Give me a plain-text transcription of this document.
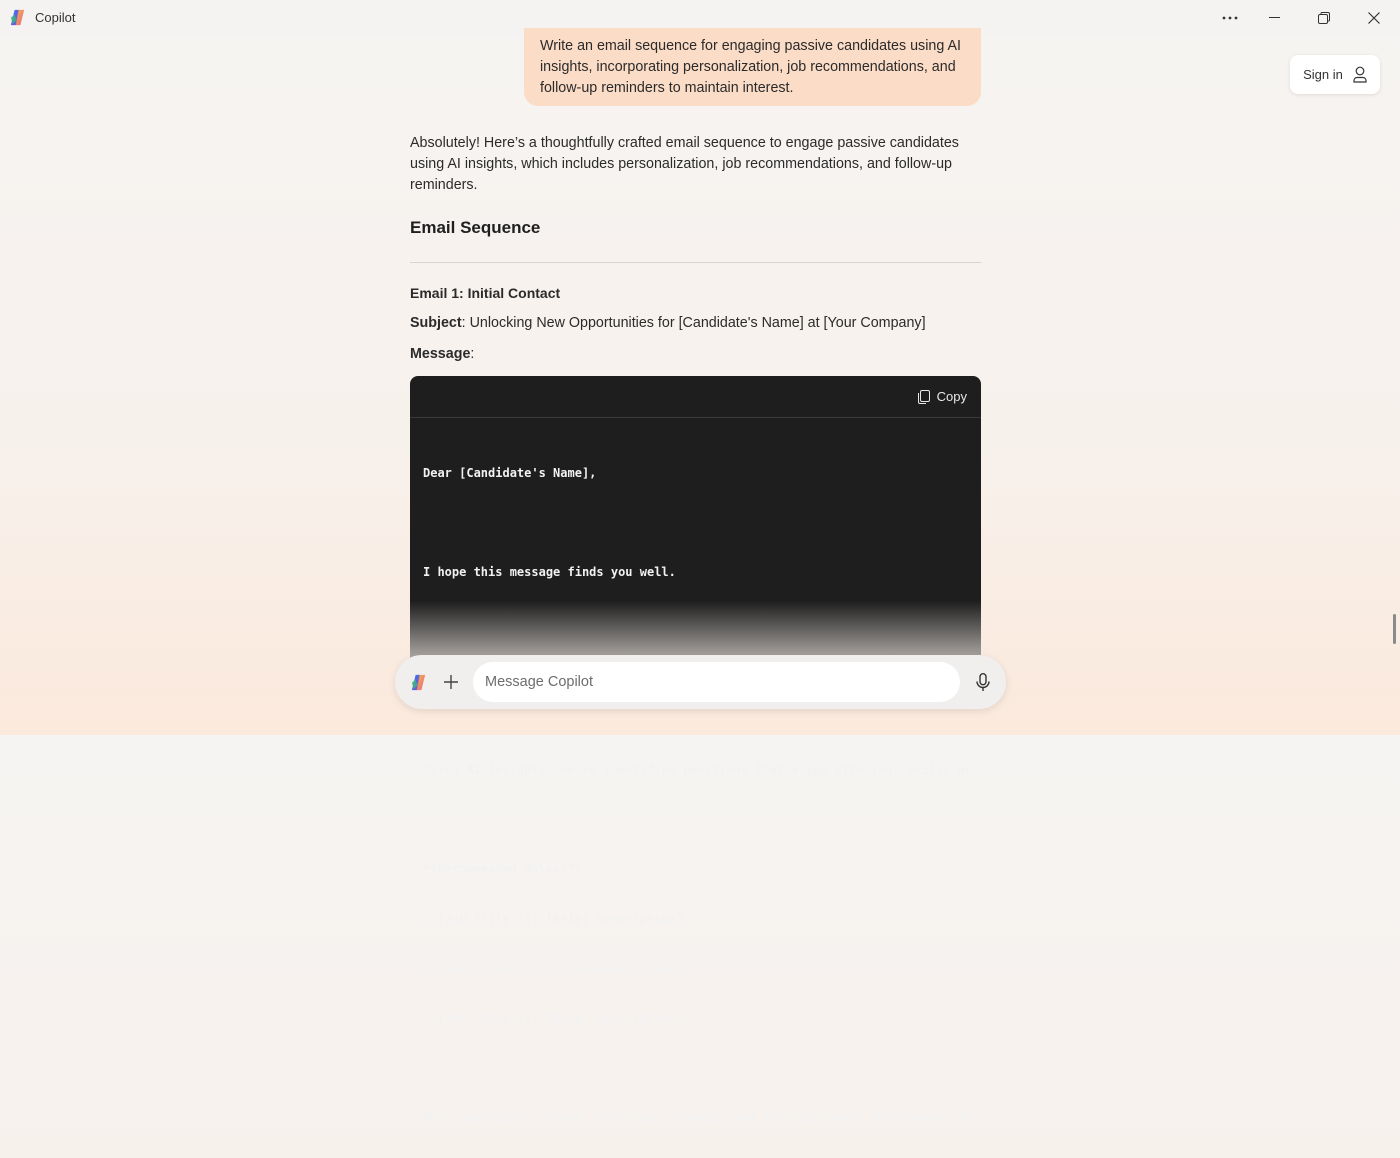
Copilot
Sign in
Write an email sequence for engaging passive candidates using AI insights, incorporating personalization, job recommendations, and follow-up reminders to maintain interest.
Absolutely! Here’s a thoughtfully crafted email sequence to engage passive candidates using AI insights, which includes personalization, job recommendations, and follow-up reminders.
Email Sequence
Email 1: Initial Contact
Subject: Unlocking New Opportunities for [Candidate's Name] at [Your Company]
Message:
Copy

Dear [Candidate's Name],

I hope this message finds you well.

Using AI insights, we've identified positions that align with your skills ar

**Recommended Roles:**

- [Job Title 1]: [Brief Description]

- [Job Title 2]: [Brief Description]

- [Job Title 3]: [Brief Description]

We're passionate about fostering a dynamic and inclusive work environment wh

Message Copilot
